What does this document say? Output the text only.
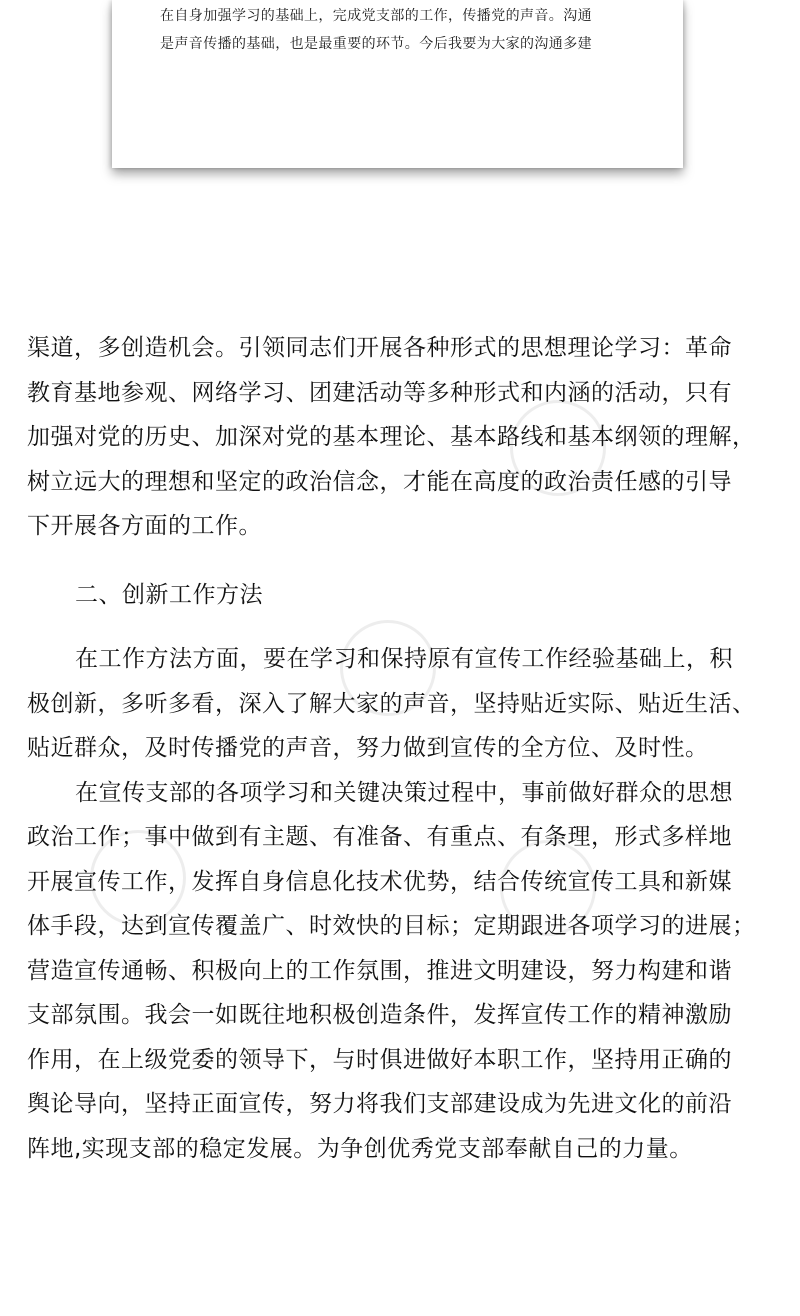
在自身加强学习的基础上，完成党支部的工作，传播党的声音。沟通
是声音传播的基础，也是最重要的环节。今后我要为大家的沟通多建
渠道，多创造机会。引领同志们开展各种形式的思想理论学习：革命
教育基地参观、网络学习、团建活动等多种形式和内涵的活动，只有
加强对党的历史、加深对党的基本理论、基本路线和基本纲领的理解，
树立远大的理想和坚定的政治信念，才能在高度的政治责任感的引导
下开展各方面的工作。
二、创新工作方法
在工作方法方面，要在学习和保持原有宣传工作经验基础上，积
极创新，多听多看，深入了解大家的声音，坚持贴近实际、贴近生活、
贴近群众，及时传播党的声音，努力做到宣传的全方位、及时性。
在宣传支部的各项学习和关键决策过程中，事前做好群众的思想
政治工作；事中做到有主题、有准备、有重点、有条理，形式多样地
开展宣传工作，发挥自身信息化技术优势，结合传统宣传工具和新媒
体手段，达到宣传覆盖广、时效快的目标；定期跟进各项学习的进展；
营造宣传通畅、积极向上的工作氛围，推进文明建设，努力构建和谐
支部氛围。我会一如既往地积极创造条件，发挥宣传工作的精神激励
作用，在上级党委的领导下，与时俱进做好本职工作，坚持用正确的
舆论导向，坚持正面宣传，努力将我们支部建设成为先进文化的前沿
阵地,实现支部的稳定发展。为争创优秀党支部奉献自己的力量。
